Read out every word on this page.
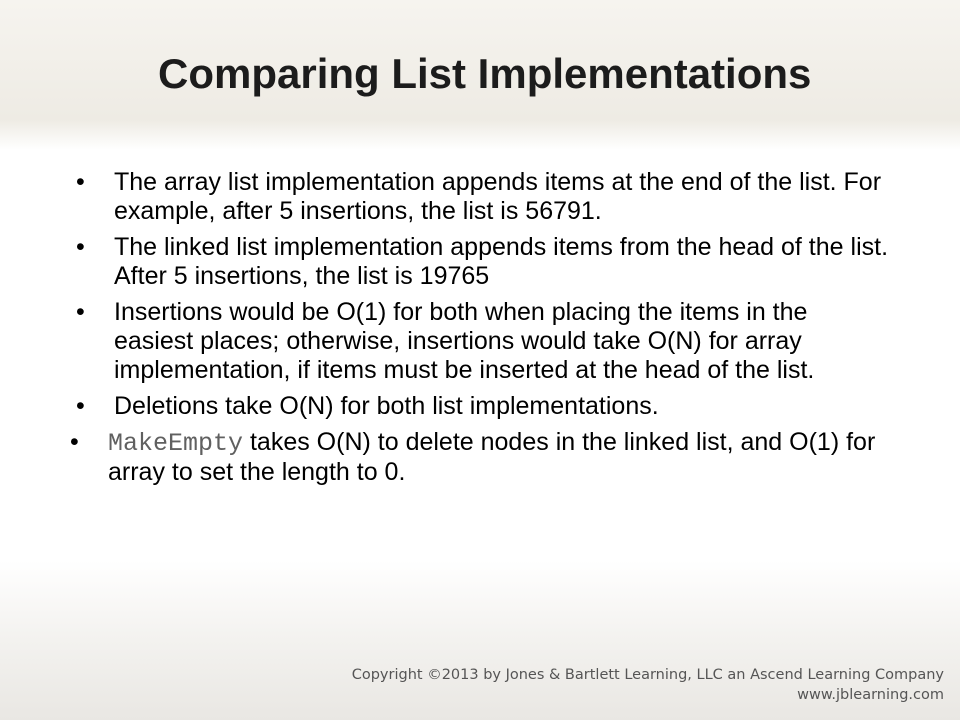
Comparing List Implementations
• The array list implementation appends items at the end of the list. For example, after 5 insertions, the list is 56791.
• The linked list implementation appends items from the head of the list. After 5 insertions, the list is 19765
• Insertions would be O(1) for both when placing the items in the easiest places; otherwise, insertions would take O(N) for array implementation, if items must be inserted at the head of the list.
• Deletions take O(N) for both list implementations.
• MakeEmpty takes O(N) to delete nodes in the linked list, and O(1) for array to set the length to 0.
Copyright ©2013 by Jones & Bartlett Learning, LLC an Ascend Learning Company
www.jblearning.com
